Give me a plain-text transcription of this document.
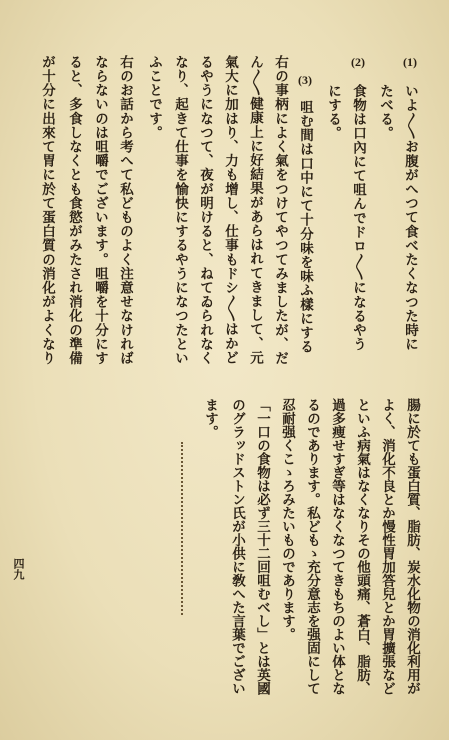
(1)
いよ〳〵お腹がへつて食べたくなつた時に
たべる。
(2)
食物は口內にて咀んでドロ〳〵になるやう
にする。
(3)
咀む間は口中にて十分味を味ふ樣にする
右の事柄によく氣をつけてやつてみましたが、だ
ん〳〵健康上に好結果があらはれてきまして、元
氣大に加はり、力も增し、仕事もドシ〳〵はかど
るやうになつて、夜が明けると、ねてゐられなく
なり、起きて仕事を愉快にするやうになつたとい
ふことです。
右のお話から考へて私どものよく注意せなければ
ならないのは咀嚼でございます。咀嚼を十分にす
ると、多食しなくとも食慾がみたされ消化の準備
が十分に出來て胃に於て蛋白質の消化がよくなり
腸に於ても蛋白質、脂肪、炭水化物の消化利用が
よく、消化不良とか慢性胃加答兒とか胃擴張など
といふ病氣はなくなりその他頭痛、蒼白、脂肪、
過多痩せすぎ等はなくなつてきもちのよい体とな
るのであります。私どもゝ充分意志を强固にして
忍耐强くこゝろみたいものであります。
「一口の食物は必ず三十二回咀むべし」とは英國
のグラッドストン氏が小供に敎へた言葉でござい
ます。
四九
